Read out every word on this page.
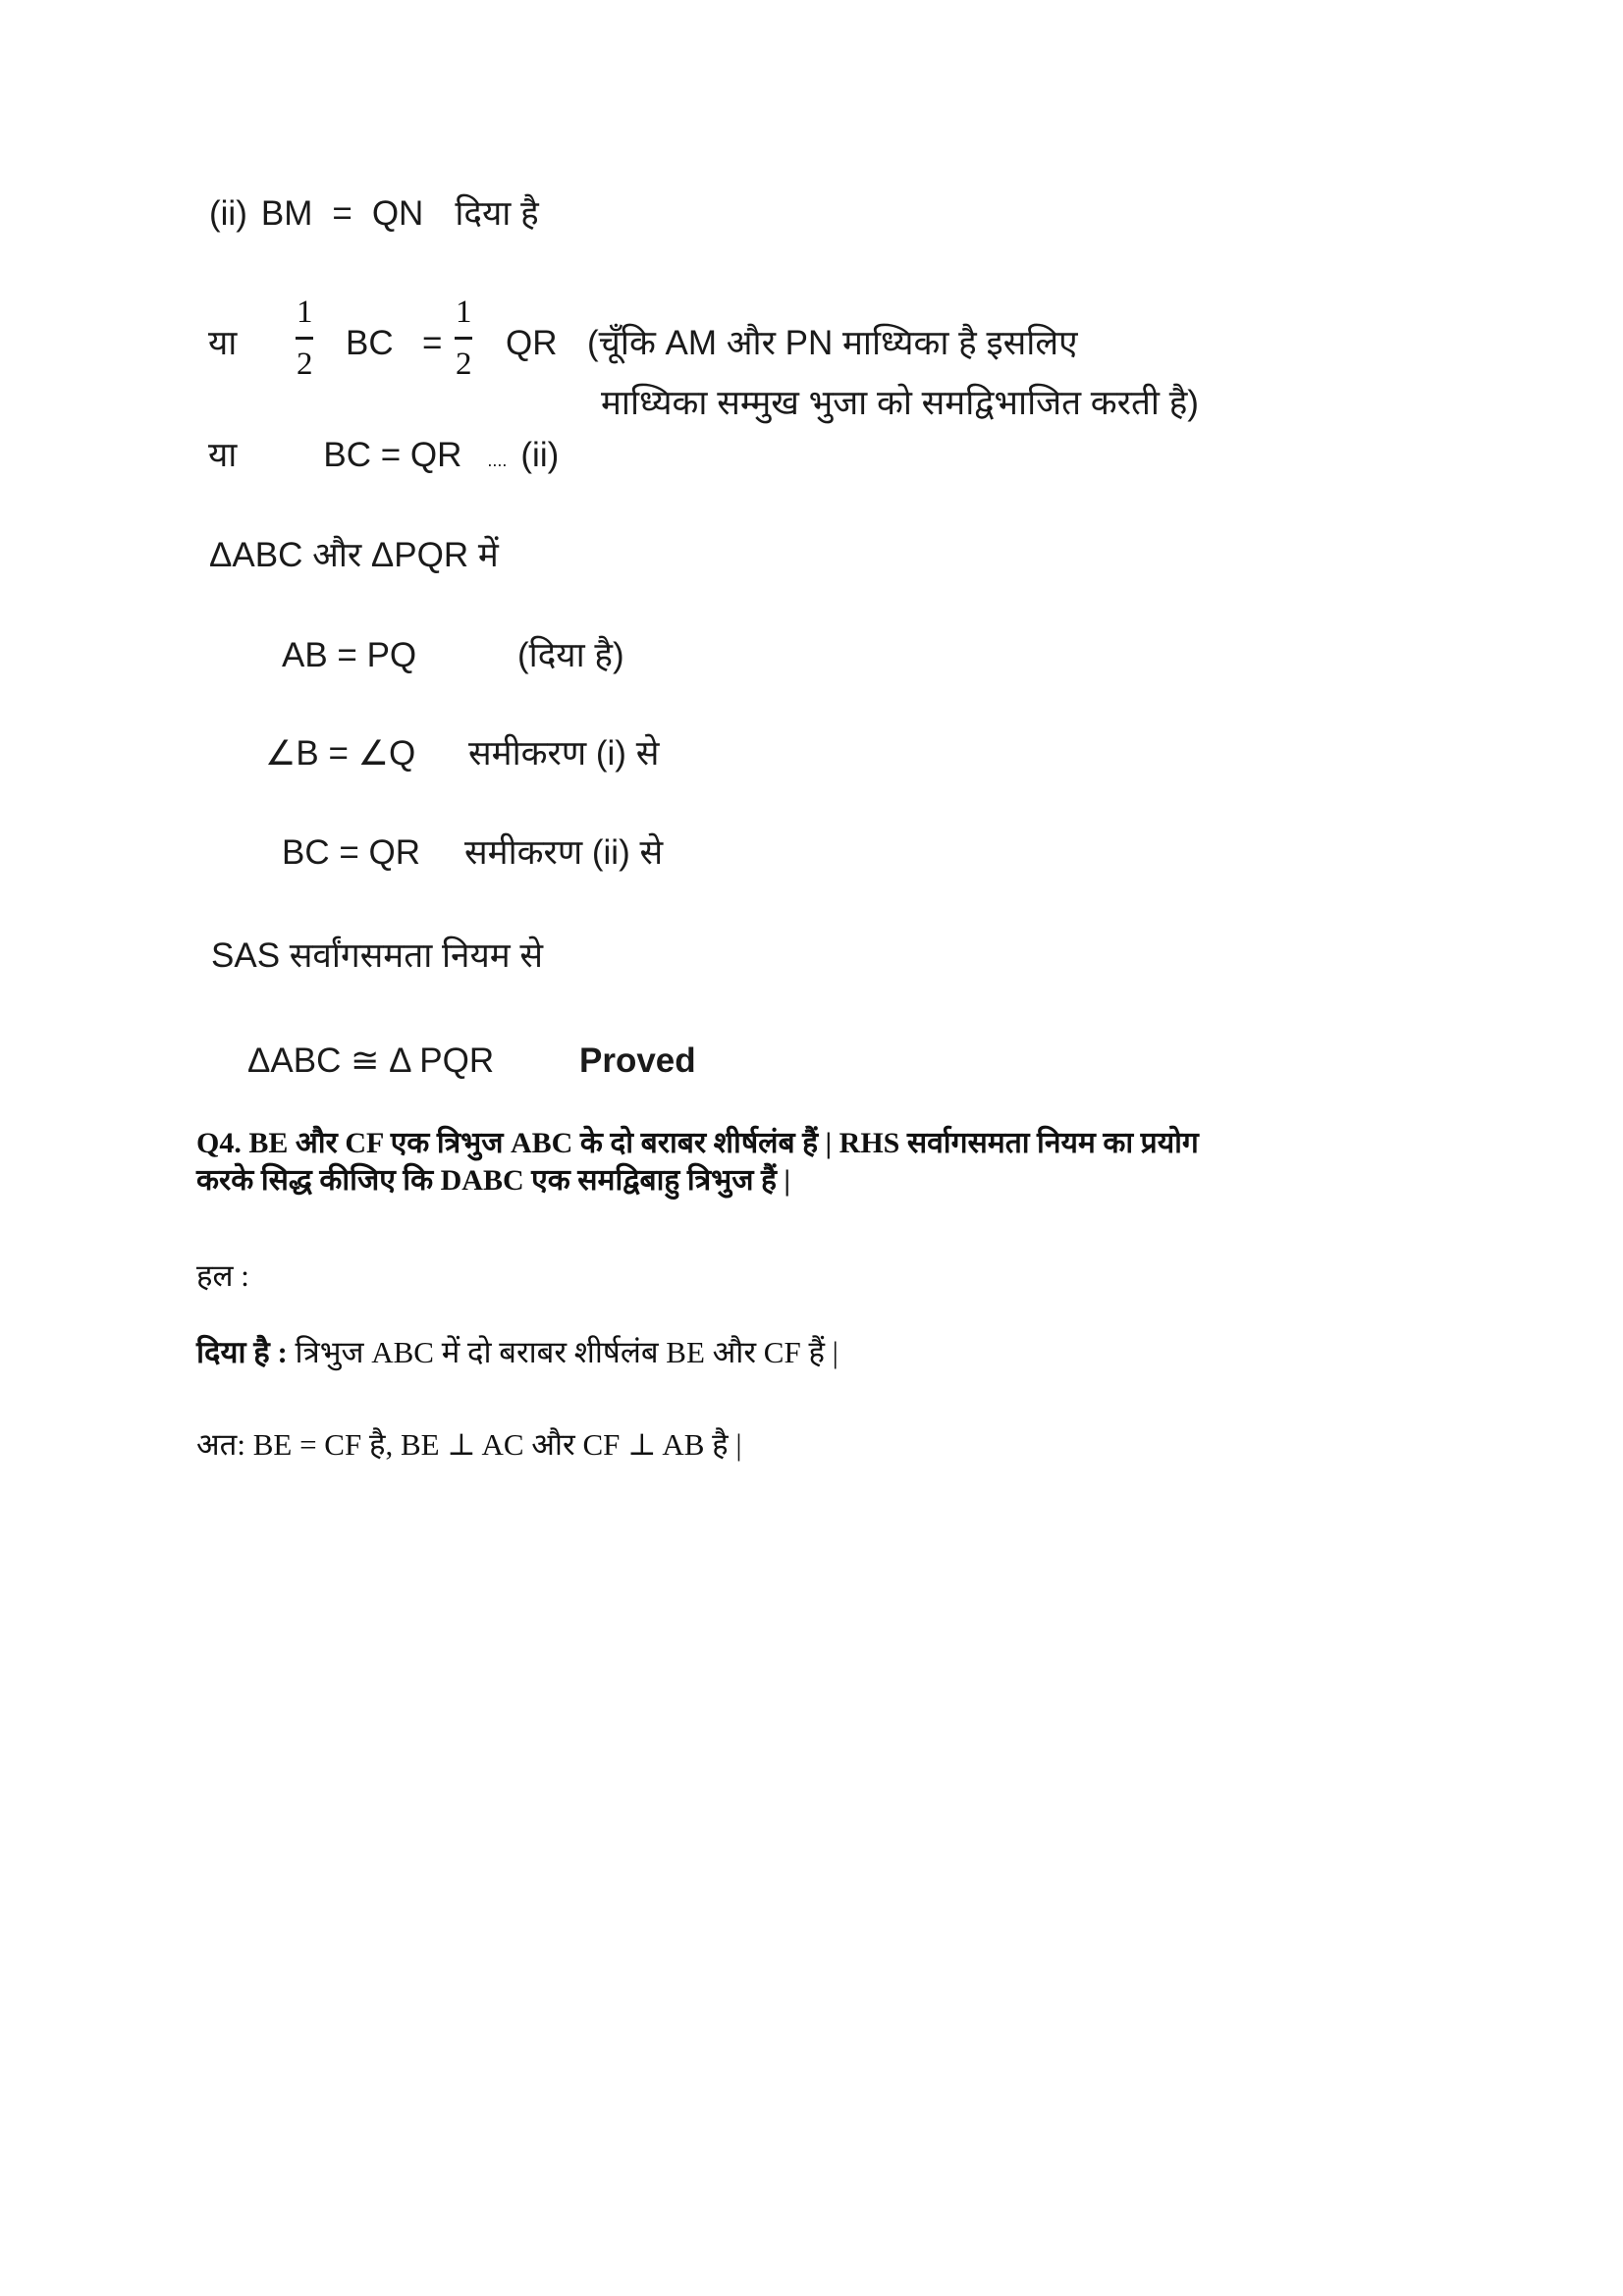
(ii) BM = QN दिया है
या
1
2
BC =
1
2
QR (चूँकि AM और PN माध्यिका है इसलिए
माध्यिका सम्मुख भुजा को समद्विभाजित करती है)
या	BC = QR .... (ii)
ΔABC और ΔPQR में
AB = PQ	(दिया है)
∠B = ∠Q समीकरण (i) से
BC = QR समीकरण (ii) से
SAS सर्वांगसमता नियम से
ΔABC ≅ Δ PQR Proved
Q4. BE और CF एक त्रिभुज ABC के दो बराबर शीर्षलंब हैं | RHS सर्वागसमता नियम का प्रयोग
करके सिद्ध कीजिए कि DABC एक समद्विबाहु त्रिभुज हैं |
हल :
दिया है : त्रिभुज ABC में दो बराबर शीर्षलंब BE और CF हैं |
अत: BE = CF है, BE ⊥ AC और CF ⊥ AB है |
